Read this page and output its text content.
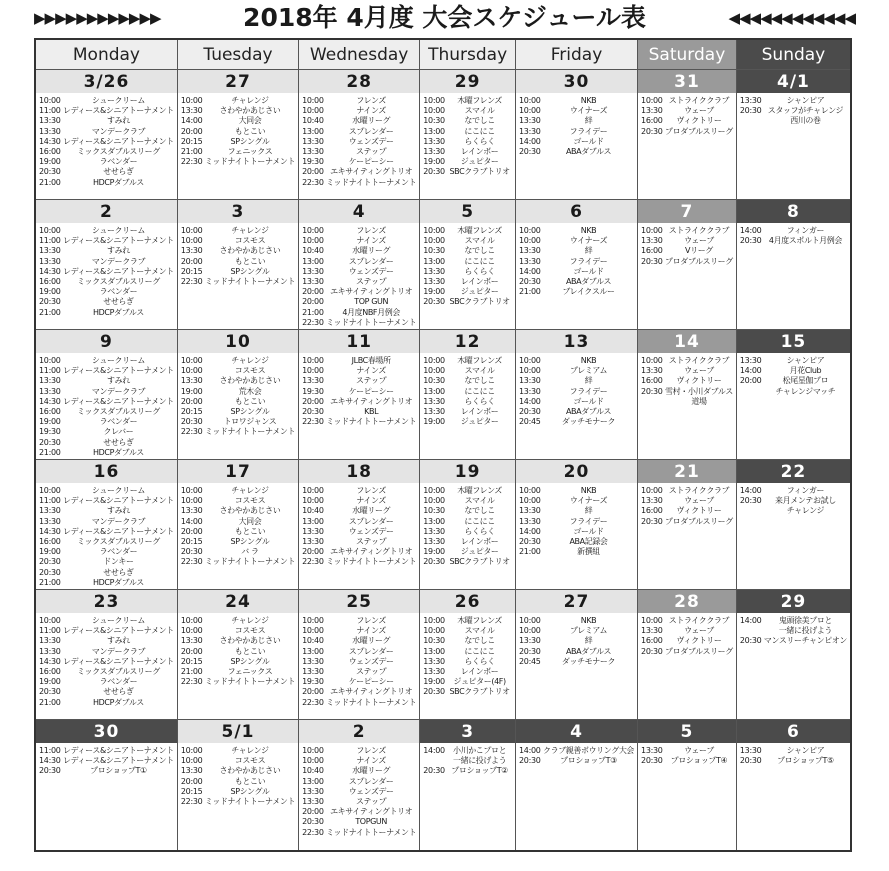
▶▶▶▶▶▶▶▶▶▶▶▶	2018年 4月度 大会スケジュール表	◀◀◀◀◀◀◀◀◀◀◀◀
Monday	Tuesday	Wednesday	Thursday	Friday	Saturday	Sunday
3/26
10:00	シュークリーム
11:00 レディース&シニアトーナメント
13:30	すみれ
13:30	マンデークラブ
14:30 レディース&シニアトーナメント
16:00	ミックスダブルスリーグ
19:00	ラベンダー
20:30	せせらぎ
21:00	HDCPダブルス
27
10:00	チャレンジ
13:30	さわやかあじさい
14:00	大同会
20:00	もとこい
20:15	SPシングル
21:00	フェニックス
22:30 ミッドナイトトーナメント
28
10:00	フレンズ
10:00	ナインズ
10:40	水曜リーグ
13:00	スプレンダー
13:30	ウェンズデー
13:30	ステップ
19:30	ケーピーシー
20:00 エキサイティングトリオ
22:30 ミッドナイトトーナメント
29
10:00	木曜フレンズ
10:00	スマイル
10:30	なでしこ
13:00	にこにこ
13:30	らくらく
13:30	レインボー
19:00	ジュピター
20:30 SBCクラブトリオ
30
10:00	NKB
10:00	ウイナーズ
13:30	絆
13:30	フライデー
14:00	ゴールド
20:30	ABAダブルス
31
10:00 ストライククラブ
13:30	ウェーブ
16:00	ヴィクトリー
20:30 プロダブルスリーグ
4/1
13:30	シャンピア
20:30 スタッフがチャレンジ
西川の巻
2
10:00	シュークリーム
11:00 レディース&シニアトーナメント
13:30	すみれ
13:30	マンデークラブ
14:30 レディース&シニアトーナメント
16:00	ミックスダブルスリーグ
19:00	ラベンダー
20:30	せせらぎ
21:00	HDCPダブルス
3
10:00	チャレンジ
10:00	コスモス
13:30	さわやかあじさい
20:00	もとこい
20:15	SPシングル
22:30 ミッドナイトトーナメント
4
10:00	フレンズ
10:00	ナインズ
10:40	水曜リーグ
13:00	スプレンダー
13:30	ウェンズデー
13:30	ステップ
20:00 エキサイティングトリオ
20:00	TOP GUN
21:00	4月度NBF月例会
22:30 ミッドナイトトーナメント
5
10:00	木曜フレンズ
10:00	スマイル
10:30	なでしこ
13:00	にこにこ
13:30	らくらく
13:30	レインボー
19:00	ジュピター
20:30 SBCクラブトリオ
6
10:00	NKB
10:00	ウイナーズ
13:30	絆
13:30	フライデー
14:00	ゴールド
20:30	ABAダブルス
21:00	ブレイクスルー
7
10:00 ストライククラブ
13:30	ウェーブ
16:00	Vリーグ
20:30 プロダブルスリーグ
8
14:00	フィンガー
20:30 4月度スポルト月例会
9
10:00	シュークリーム
11:00 レディース&シニアトーナメント
13:30	すみれ
13:30	マンデークラブ
14:30 レディース&シニアトーナメント
16:00	ミックスダブルスリーグ
19:00	ラベンダー
19:30	クレバー
20:30	せせらぎ
21:00	HDCPダブルス
10
10:00	チャレンジ
10:00	コスモス
13:30	さわやかあじさい
19:00	荒木会
20:00	もとこい
20:15	SPシングル
20:30	トロワジャンス
22:30 ミッドナイトトーナメント
11
10:00	JLBC春場所
10:00	ナインズ
13:30	ステップ
19:30	ケーピーシー
20:00 エキサイティングトリオ
20:30	KBL
22:30 ミッドナイトトーナメント
12
10:00	木曜フレンズ
10:00	スマイル
10:30	なでしこ
13:00	にこにこ
13:30	らくらく
13:30	レインボー
19:00	ジュピター
13
10:00	NKB
10:00	プレミアム
13:30	絆
13:30	フライデー
14:00	ゴールド
20:30	ABAダブルス
20:45	ダッチモナーク
14
10:00 ストライククラブ
13:30	ウェーブ
16:00	ヴィクトリー
20:30 雪村・小川ダブルス
道場
15
13:30	シャンピア
14:00	月花Club
20:00	松尾星伽プロ
チャレンジマッチ
16
10:00	シュークリーム
11:00 レディース&シニアトーナメント
13:30	すみれ
13:30	マンデークラブ
14:30 レディース&シニアトーナメント
16:00	ミックスダブルスリーグ
19:00	ラベンダー
20:30	ドンキー
20:30	せせらぎ
21:00	HDCPダブルス
17
10:00	チャレンジ
10:00	コスモス
13:30	さわやかあじさい
14:00	大同会
20:00	もとこい
20:15	SPシングル
20:30	バ ラ
22:30 ミッドナイトトーナメント
18
10:00	フレンズ
10:00	ナインズ
10:40	水曜リーグ
13:00	スプレンダー
13:30	ウェンズデー
13:30	ステップ
20:00 エキサイティングトリオ
22:30 ミッドナイトトーナメント
19
10:00	木曜フレンズ
10:00	スマイル
10:30	なでしこ
13:00	にこにこ
13:30	らくらく
13:30	レインボー
19:00	ジュピター
20:30 SBCクラブトリオ
20
10:00	NKB
10:00	ウイナーズ
13:30	絆
13:30	フライデー
14:00	ゴールド
20:30	ABA記録会
21:00	新撰組
21
10:00 ストライククラブ
13:30	ウェーブ
16:00	ヴィクトリー
20:30 プロダブルスリーグ
22
14:00	フィンガー
20:30	来月メンテお試し
チャレンジ
23
10:00	シュークリーム
11:00 レディース&シニアトーナメント
13:30	すみれ
13:30	マンデークラブ
14:30 レディース&シニアトーナメント
16:00	ミックスダブルスリーグ
19:00	ラベンダー
20:30	せせらぎ
21:00	HDCPダブルス
24
10:00	チャレンジ
10:00	コスモス
13:30	さわやかあじさい
20:00	もとこい
20:15	SPシングル
21:00	フェニックス
22:30 ミッドナイトトーナメント
25
10:00	フレンズ
10:00	ナインズ
10:40	水曜リーグ
13:00	スプレンダー
13:30	ウェンズデー
13:30	ステップ
19:30	ケーピーシー
20:00 エキサイティングトリオ
22:30 ミッドナイトトーナメント
26
10:00	木曜フレンズ
10:00	スマイル
10:30	なでしこ
13:00	にこにこ
13:30	らくらく
13:30	レインボー
19:00	ジュピター(4F)
20:30 SBCクラブトリオ
27
10:00	NKB
10:00	プレミアム
13:30	絆
20:30	ABAダブルス
20:45	ダッチモナーク
28
10:00 ストライククラブ
13:30	ウェーブ
16:00	ヴィクトリー
20:30 プロダブルスリーグ
29
14:00	鬼頭徐美プロと
一緒に投げよう
20:30 マンスリーチャンピオン
30
11:00 レディース&シニアトーナメント
14:30 レディース&シニアトーナメント
20:30	プロショップT①
5/1
10:00	チャレンジ
10:00	コスモス
13:30	さわやかあじさい
20:00	もとこい
20:15	SPシングル
22:30 ミッドナイトトーナメント
2
10:00	フレンズ
10:00	ナインズ
10:40	水曜リーグ
13:00	スプレンダー
13:30	ウェンズデー
13:30	ステップ
20:00 エキサイティングトリオ
20:30	TOPGUN
22:30 ミッドナイトトーナメント
3
14:00	小川かこプロと
一緒に投げよう
20:30 プロショップT②
4
14:00 クラブ親善ボウリング大会
20:30	プロショップT③
5
13:30	ウェーブ
20:30	プロショップT④
6
13:30	シャンピア
20:30	プロショップT⑤
